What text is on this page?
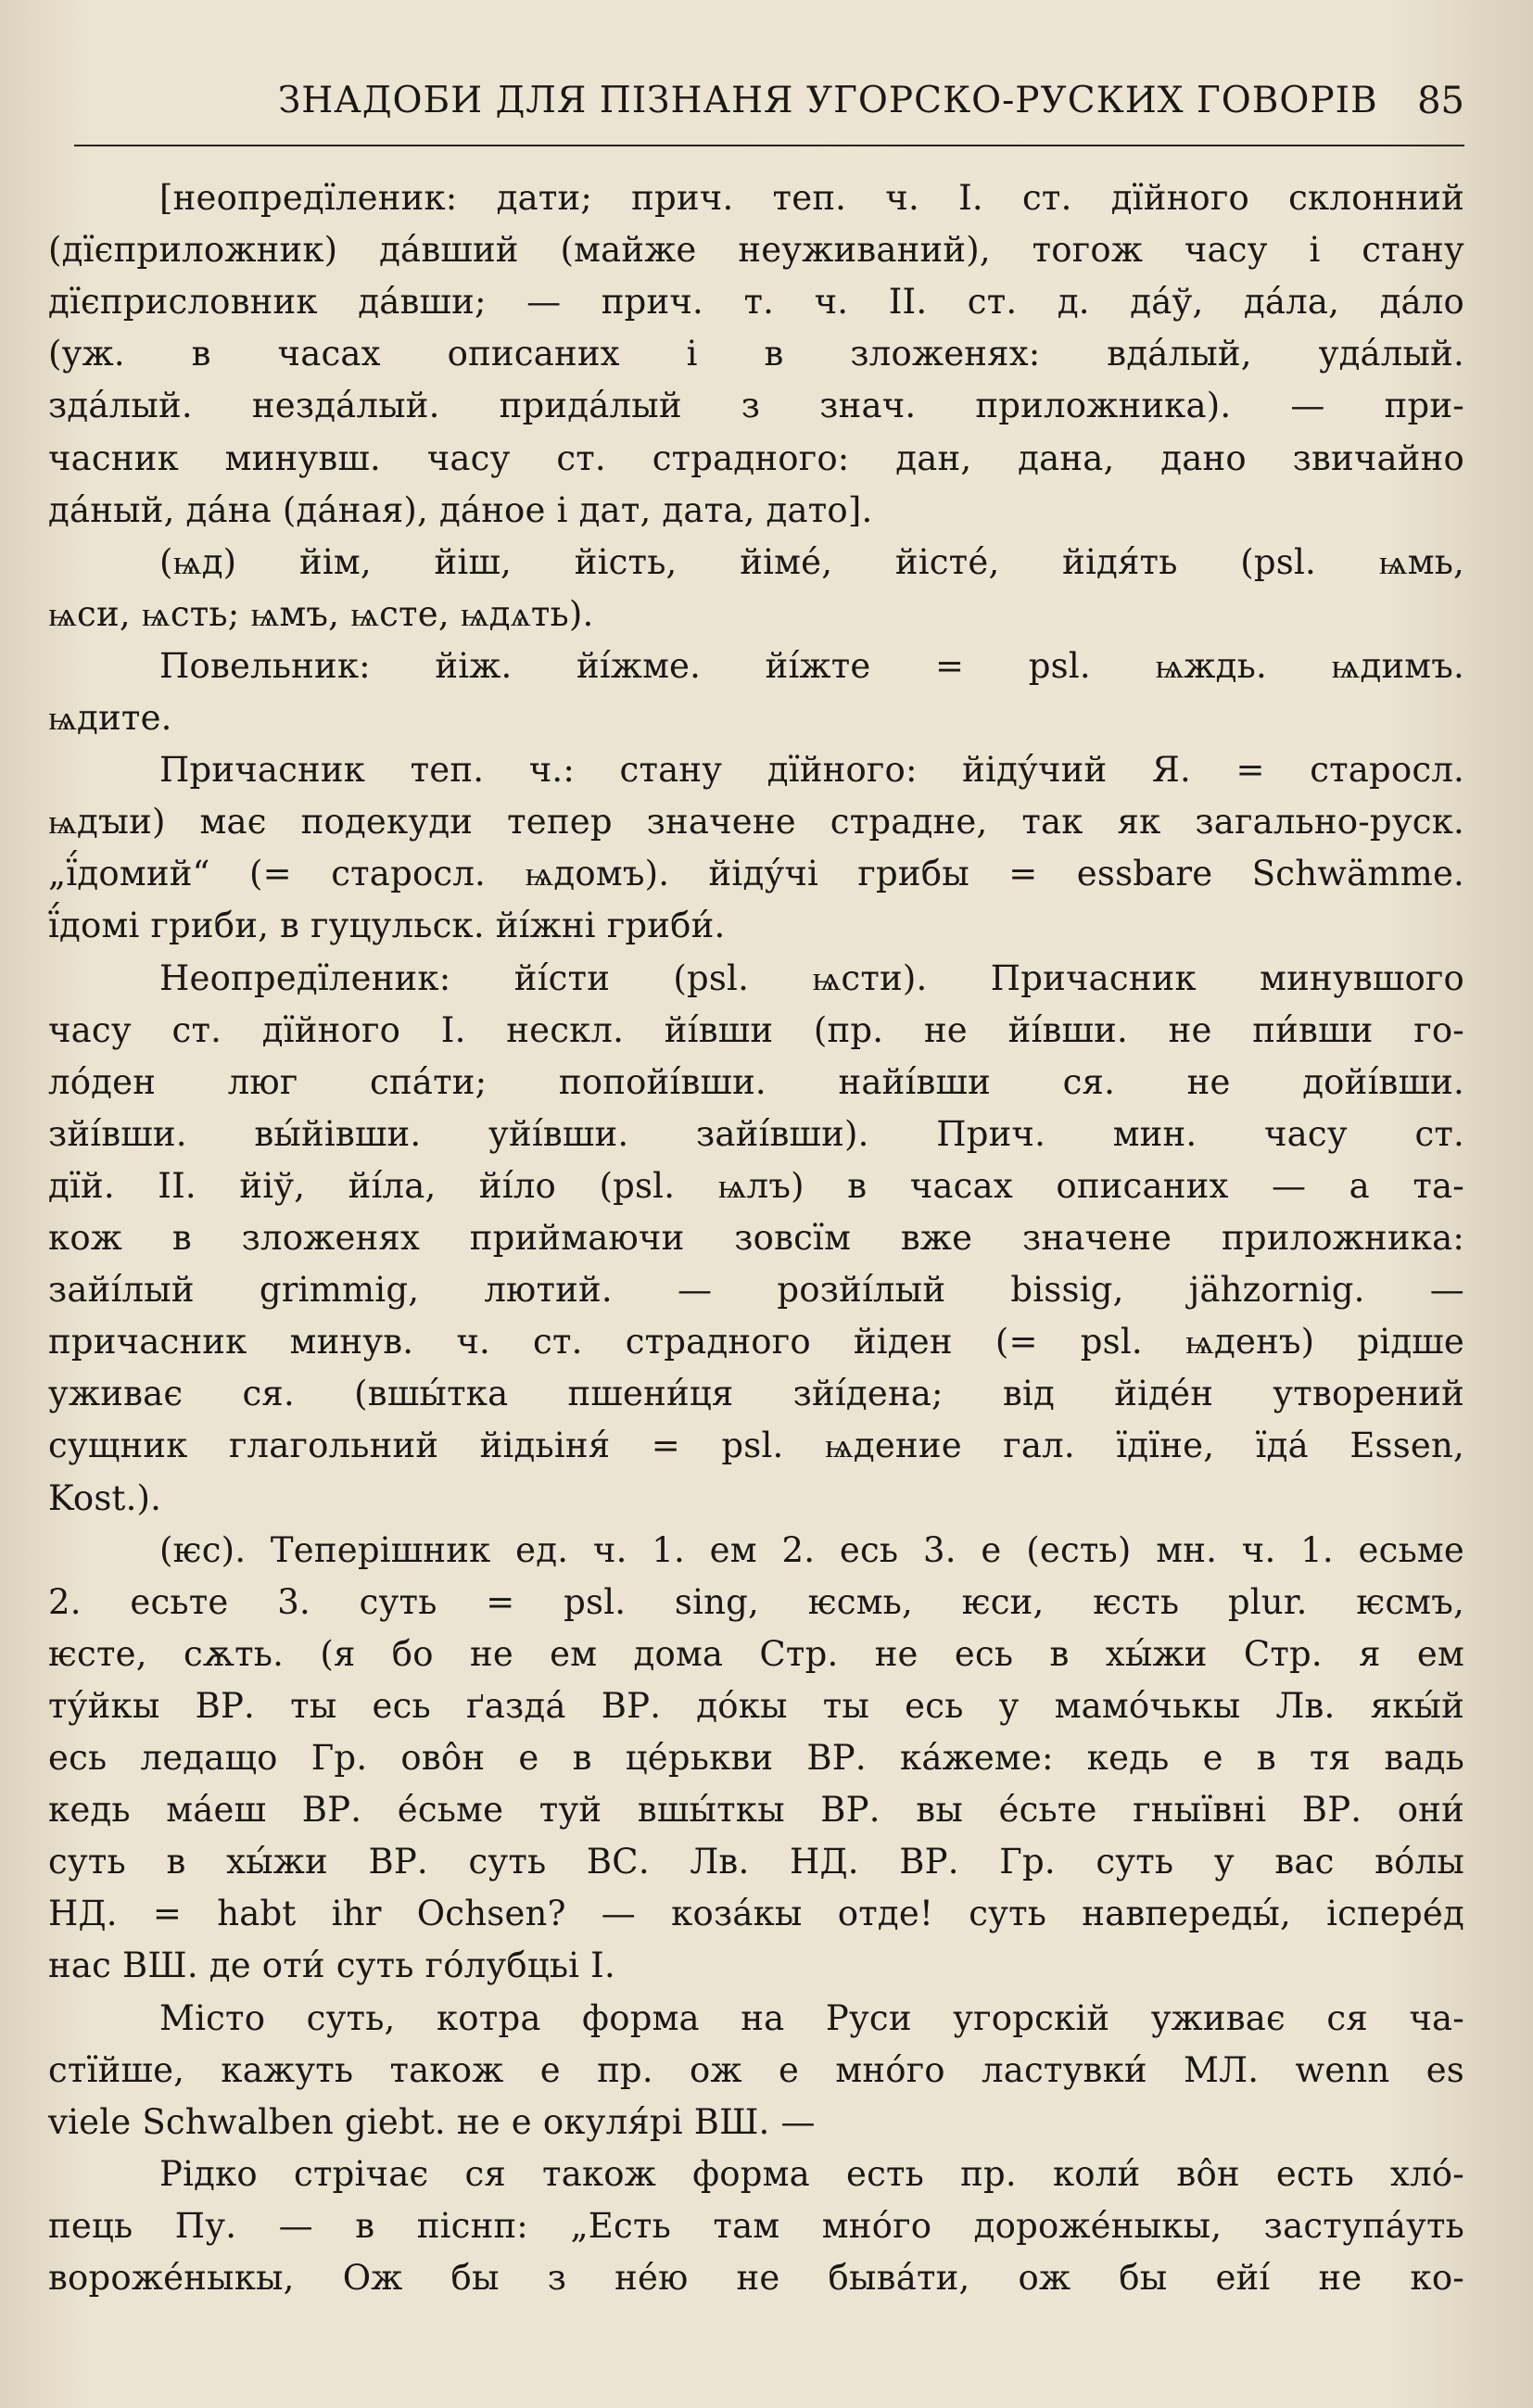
ЗНАДОБИ ДЛЯ ПІЗНАНЯ УГОРСКО-РУСКИХ ГОВОРІВ 85
[неопредїленик: дати; прич. теп. ч. І. ст. дїйного склонний
(дїєприложник) да́вший (майже неуживаний), тогож часу і стану
дїєприсловник да́вши; — прич. т. ч. II. ст. д. да́ў, да́ла, да́ло
(уж. в часах описаних і в зложенях: вда́лый, уда́лый.
зда́лый. незда́лый. прида́лый з знач. приложника). — при-
часник минувш. часу ст. страдного: дан, дана, дано звичайно
да́ный, да́на (да́ная), да́ное і дат, дата, дато].
(ѩд) йім, йіш, йість, йіме́, йісте́, йідя́ть (psl. ѩмь,
ѩси, ѩсть; ѩмъ, ѩсте, ѩдѧть).
Повельник: йіж. йі́жме. йі́жте = psl. ѩждь. ѩдимъ.
ѩдите.
Причасник теп. ч.: стану дїйного: йіду́чий Я. = старосл.
ѩдꙑи) має подекуди тепер значене страдне, так як загально-руск.
„ї́домий“ (= старосл. ѩдомъ). йіду́чі грибы = essbare Schwämme.
ї́домі гриби, в гуцульск. йі́жні гриби́.
Неопредїленик: йі́сти (psl. ѩсти). Причасник минувшого
часу ст. дїйного I. нескл. йі́вши (пр. не йі́вши. не пи́вши го-
ло́ден люг спа́ти; попойі́вши. найі́вши ся. не дойі́вши.
зйі́вши. вы́йівши. уйі́вши. зайі́вши). Прич. мин. часу ст.
дїй. II. йіў, йі́ла, йі́ло (psl. ѩлъ) в часах описаних — а та-
кож в зложенях приймаючи зовсїм вже значене приложника:
зайі́лый grimmig, лютий. — розйі́лый bissig, jähzornig. —
причасник минув. ч. ст. страдного йіден (= psl. ѩденъ) рідше
уживає ся. (вшы́тка пшени́ця зйі́дена; від йіде́н утворений
сущник глагольний йідьіня́ = psl. ѩдение гал. їдїне, їда́ Essen,
Kost.).
(ѥс). Теперішник ед. ч. 1. ем 2. есь 3. е (есть) мн. ч. 1. есьме
2. есьте 3. суть = psl. sing, ѥсмь, ѥси, ѥсть plur. ѥсмъ,
ѥсте, сѫть. (я бо не ем дома Стр. не есь в хы́жи Стр. я ем
ту́йкы ВР. ты есь ґазда́ ВР. до́кы ты есь у мамо́чькы Лв. якы́й
есь ледащо Гр. овôн е в це́рькви ВР. ка́жеме: кедь е в тя вадь
кедь ма́еш ВР. е́сьме туй вшы́ткы ВР. вы е́сьте гныївні ВР. они́
суть в хы́жи ВР. суть ВС. Лв. НД. ВР. Гр. суть у вас во́лы
НД. = habt ihr Ochsen? — коза́кы отде! суть навпереды́, іспере́д
нас ВШ. де оти́ суть го́лубцьі I.
Місто суть, котра форма на Руси угорскій уживає ся ча-
стїйше, кажуть також е пр. ож е мно́го ластувки́ МЛ. wenn es
viele Schwalben giebt. не е окуля́рі ВШ. —
Рідко стрічає ся також форма есть пр. коли́ вôн есть хло́-
пець Пу. — в піснп: „Есть там мно́го дороже́ныкы, заступа́уть
вороже́ныкы, Ож бы з не́ю не быва́ти, ож бы ейі́ не ко-
